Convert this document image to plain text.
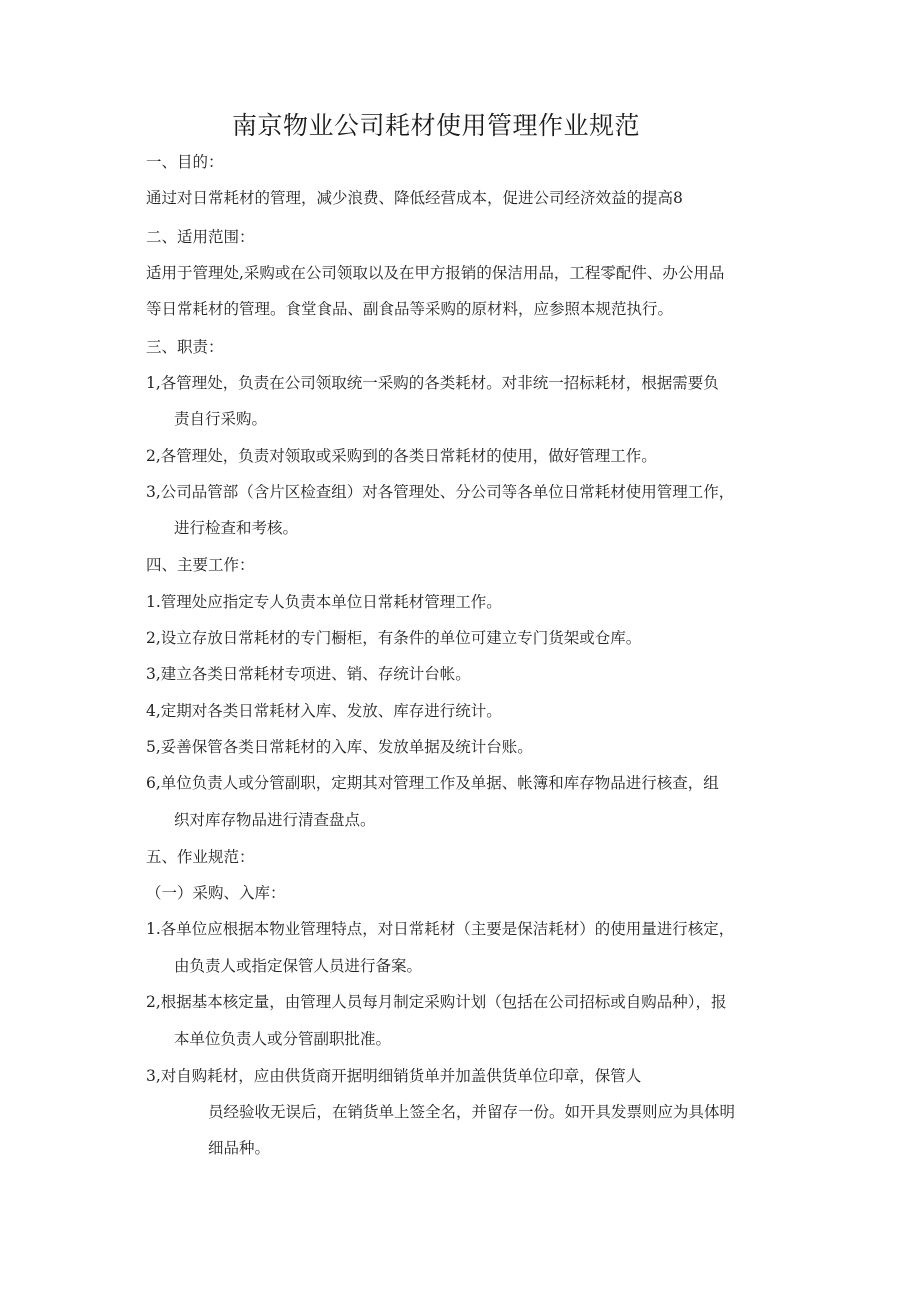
南京物业公司耗材使用管理作业规范
一、目的：
通过对日常耗材的管理，减少浪费、降低经营成本，促进公司经济效益的提高8
二、适用范围：
适用于管理处,采购或在公司领取以及在甲方报销的保洁用品，工程零配件、办公用品
等日常耗材的管理。食堂食品、副食品等采购的原材料，应参照本规范执行。
三、职责：
1,各管理处，负责在公司领取统一采购的各类耗材。对非统一招标耗材，根据需要负
责自行采购。
2,各管理处，负责对领取或采购到的各类日常耗材的使用，做好管理工作。
3,公司品管部（含片区检查组）对各管理处、分公司等各单位日常耗材使用管理工作，
进行检查和考核。
四、主要工作：
1.管理处应指定专人负责本单位日常耗材管理工作。
2,设立存放日常耗材的专门橱柜，有条件的单位可建立专门货架或仓库。
3,建立各类日常耗材专项进、销、存统计台帐。
4,定期对各类日常耗材入库、发放、库存进行统计。
5,妥善保管各类日常耗材的入库、发放单据及统计台账。
6,单位负责人或分管副职，定期其对管理工作及单据、帐簿和库存物品进行核查，组
织对库存物品进行清查盘点。
五、作业规范：
（一）采购、入库：
1.各单位应根据本物业管理特点，对日常耗材（主要是保洁耗材）的使用量进行核定，
由负责人或指定保管人员进行备案。
2,根据基本核定量，由管理人员每月制定采购计划（包括在公司招标或自购品种），报
本单位负责人或分管副职批准。
3,对自购耗材，应由供货商开据明细销货单并加盖供货单位印章，保管人
员经验收无误后，在销货单上签全名，并留存一份。如开具发票则应为具体明
细品种。
